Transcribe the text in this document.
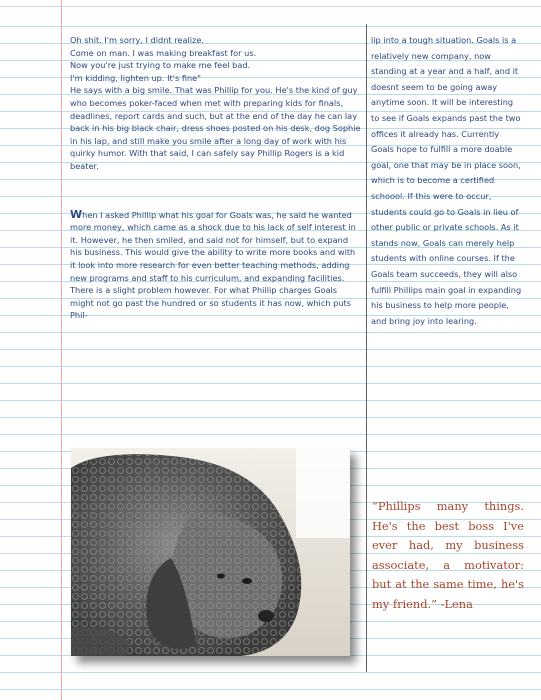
Oh shit. I'm sorry, I didnt realize.
Come on man. I was making breakfast for us.
Now you're just trying to make me feel bad.
I'm kidding, lighten up. It's fine"

He says with a big smile. That was Phillip for you. He's the kind of guy who becomes poker-faced when met with preparing kids for finals, deadlines, report cards and such, but at the end of the day he can lay back in his big black chair, dress shoes posted on his desk, dog Sophie in his lap, and still make you smile after a long day of work with his quirky humor. With that said, I can safely say Phillip Rogers is a kid beater.

When I asked Phillip what his goal for Goals was, he said he wanted more money, which came as a shock due to his lack of self interest in it. However, he then smiled, and said not for himself, but to expand his business. This would give the ability to write more books and with it look into more research for even better teaching methods, adding new programs and staff to his curriculum, and expanding facilities. There is a slight problem however. For what Phillip charges Goals might not go past the hundred or so students it has now, which puts Phil-

lip into a tough situation. Goals is a relatively new company, now standing at a year and a half, and it doesnt seem to be going away anytime soon. It will be interesting to see if Goals expands past the two offices it already has. Currently Goals hope to fulfill a more doable goal, one that may be in place soon, which is to become a certified schoool. If this were to occur, students could go to Goals in lieu of other public or private schools. As it stands now, Goals can merely help students with online courses. If the Goals team succeeds, they will also fulfill Phillips main goal in expanding his business to help more people, and bring joy into learing.

“Phillips many things. He's the best boss I've ever had, my business associate, a motivator: but at the same time, he's my friend.” -Lena
